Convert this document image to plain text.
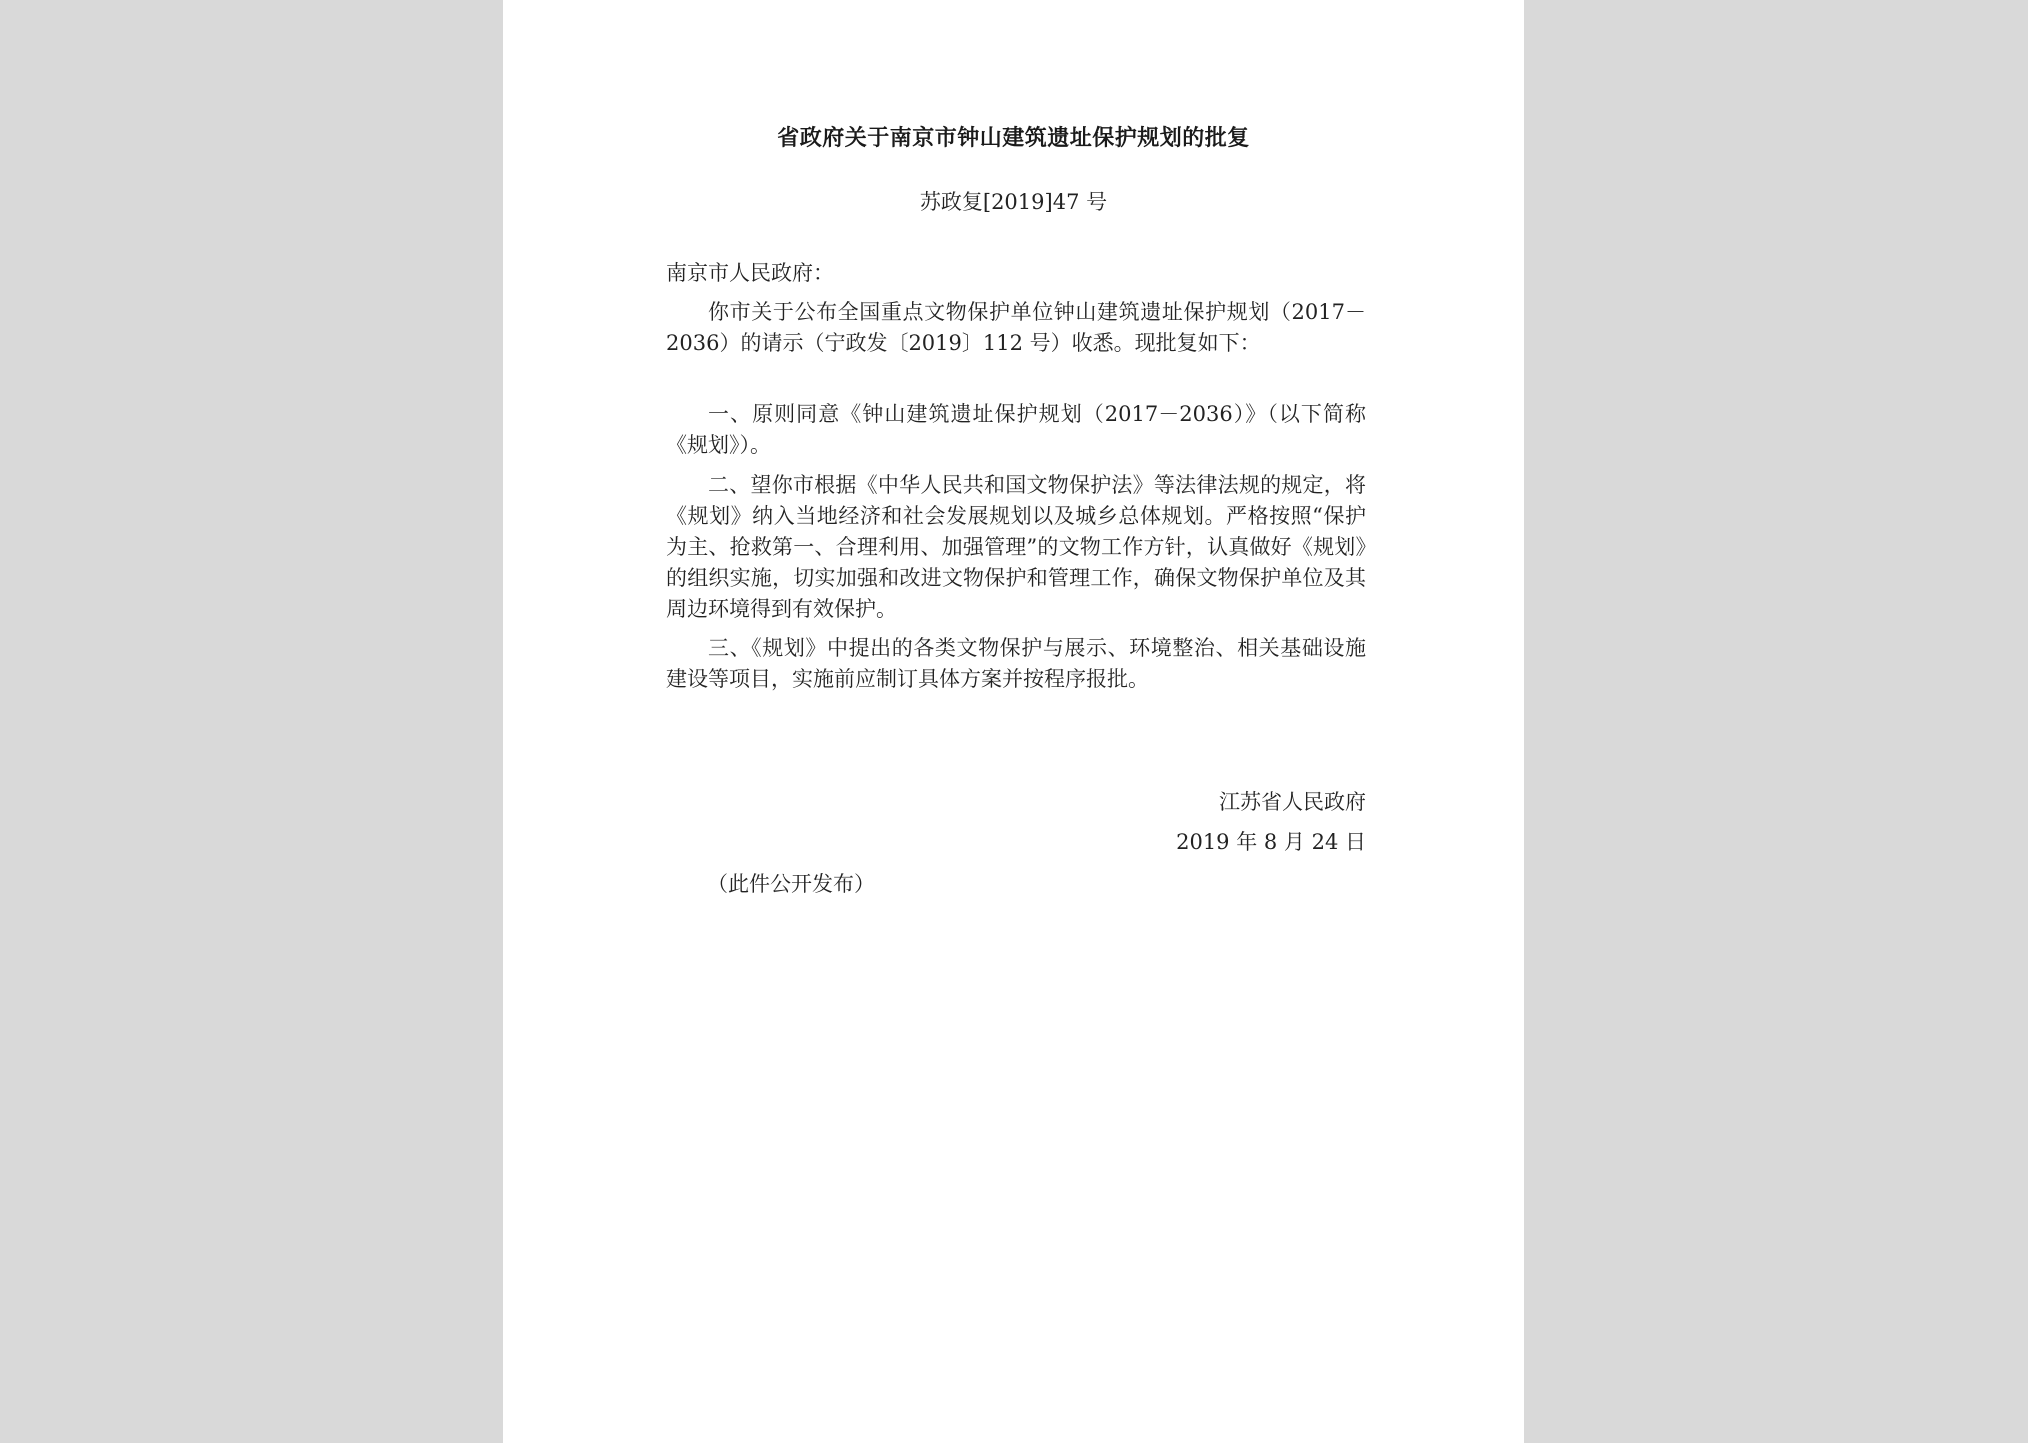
省政府关于南京市钟山建筑遗址保护规划的批复
苏政复[2019]47 号
南京市人民政府：
你市关于公布全国重点文物保护单位钟山建筑遗址保护规划（2017－2036）的请示（宁政发〔2019〕112 号）收悉。现批复如下：
一、原则同意《钟山建筑遗址保护规划（2017－2036）》（以下简称《规划》）。
二、望你市根据《中华人民共和国文物保护法》等法律法规的规定，将《规划》纳入当地经济和社会发展规划以及城乡总体规划。严格按照“保护为主、抢救第一、合理利用、加强管理”的文物工作方针，认真做好《规划》的组织实施，切实加强和改进文物保护和管理工作，确保文物保护单位及其周边环境得到有效保护。
三、《规划》中提出的各类文物保护与展示、环境整治、相关基础设施建设等项目，实施前应制订具体方案并按程序报批。
江苏省人民政府
2019 年 8 月 24 日
（此件公开发布）
